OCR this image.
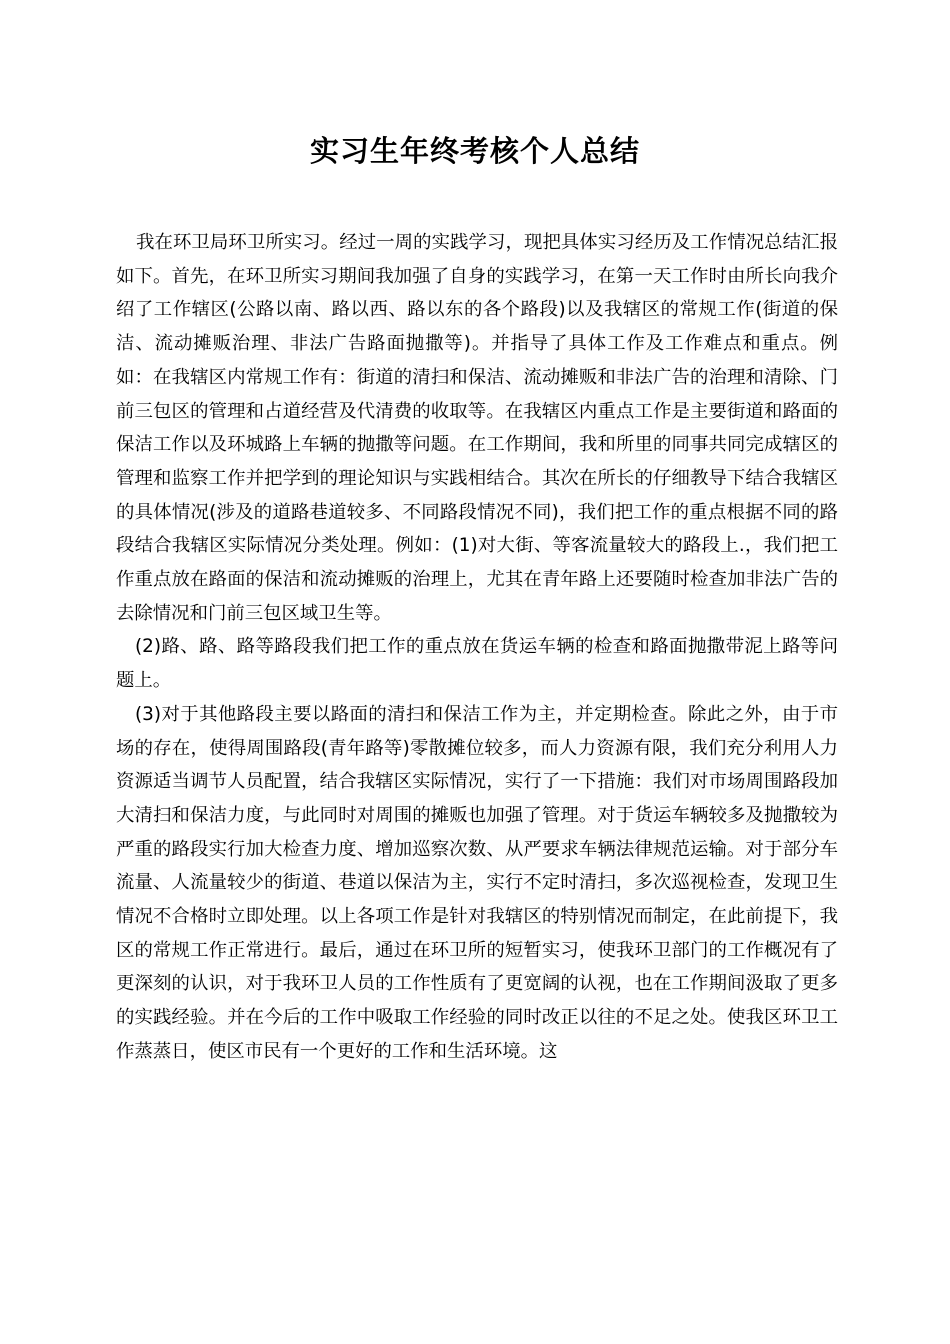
实习生年终考核个人总结

我在环卫局环卫所实习。经过一周的实践学习，现把具体实习经历及工作情况总结汇报如下。首先，在环卫所实习期间我加强了自身的实践学习，在第一天工作时由所长向我介绍了工作辖区(公路以南、路以西、路以东的各个路段)以及我辖区的常规工作(街道的保洁、流动摊贩治理、非法广告路面抛撒等)。并指导了具体工作及工作难点和重点。例如：在我辖区内常规工作有：街道的清扫和保洁、流动摊贩和非法广告的治理和清除、门前三包区的管理和占道经营及代清费的收取等。在我辖区内重点工作是主要街道和路面的保洁工作以及环城路上车辆的抛撒等问题。在工作期间，我和所里的同事共同完成辖区的管理和监察工作并把学到的理论知识与实践相结合。其次在所长的仔细教导下结合我辖区的具体情况(涉及的道路巷道较多、不同路段情况不同)，我们把工作的重点根据不同的路段结合我辖区实际情况分类处理。例如：(1)对大街、等客流量较大的路段上.，我们把工作重点放在路面的保洁和流动摊贩的治理上，尤其在青年路上还要随时检查加非法广告的去除情况和门前三包区域卫生等。

(2)路、路、路等路段我们把工作的重点放在货运车辆的检查和路面抛撒带泥上路等问题上。

(3)对于其他路段主要以路面的清扫和保洁工作为主，并定期检查。除此之外，由于市场的存在，使得周围路段(青年路等)零散摊位较多，而人力资源有限，我们充分利用人力资源适当调节人员配置，结合我辖区实际情况，实行了一下措施：我们对市场周围路段加大清扫和保洁力度，与此同时对周围的摊贩也加强了管理。对于货运车辆较多及抛撒较为严重的路段实行加大检查力度、增加巡察次数、从严要求车辆法律规范运输。对于部分车流量、人流量较少的街道、巷道以保洁为主，实行不定时清扫，多次巡视检查，发现卫生情况不合格时立即处理。以上各项工作是针对我辖区的特别情况而制定，在此前提下，我区的常规工作正常进行。最后，通过在环卫所的短暂实习，使我环卫部门的工作概况有了更深刻的认识，对于我环卫人员的工作性质有了更宽阔的认视，也在工作期间汲取了更多的实践经验。并在今后的工作中吸取工作经验的同时改正以往的不足之处。使我区环卫工作蒸蒸日，使区市民有一个更好的工作和生活环境。这
